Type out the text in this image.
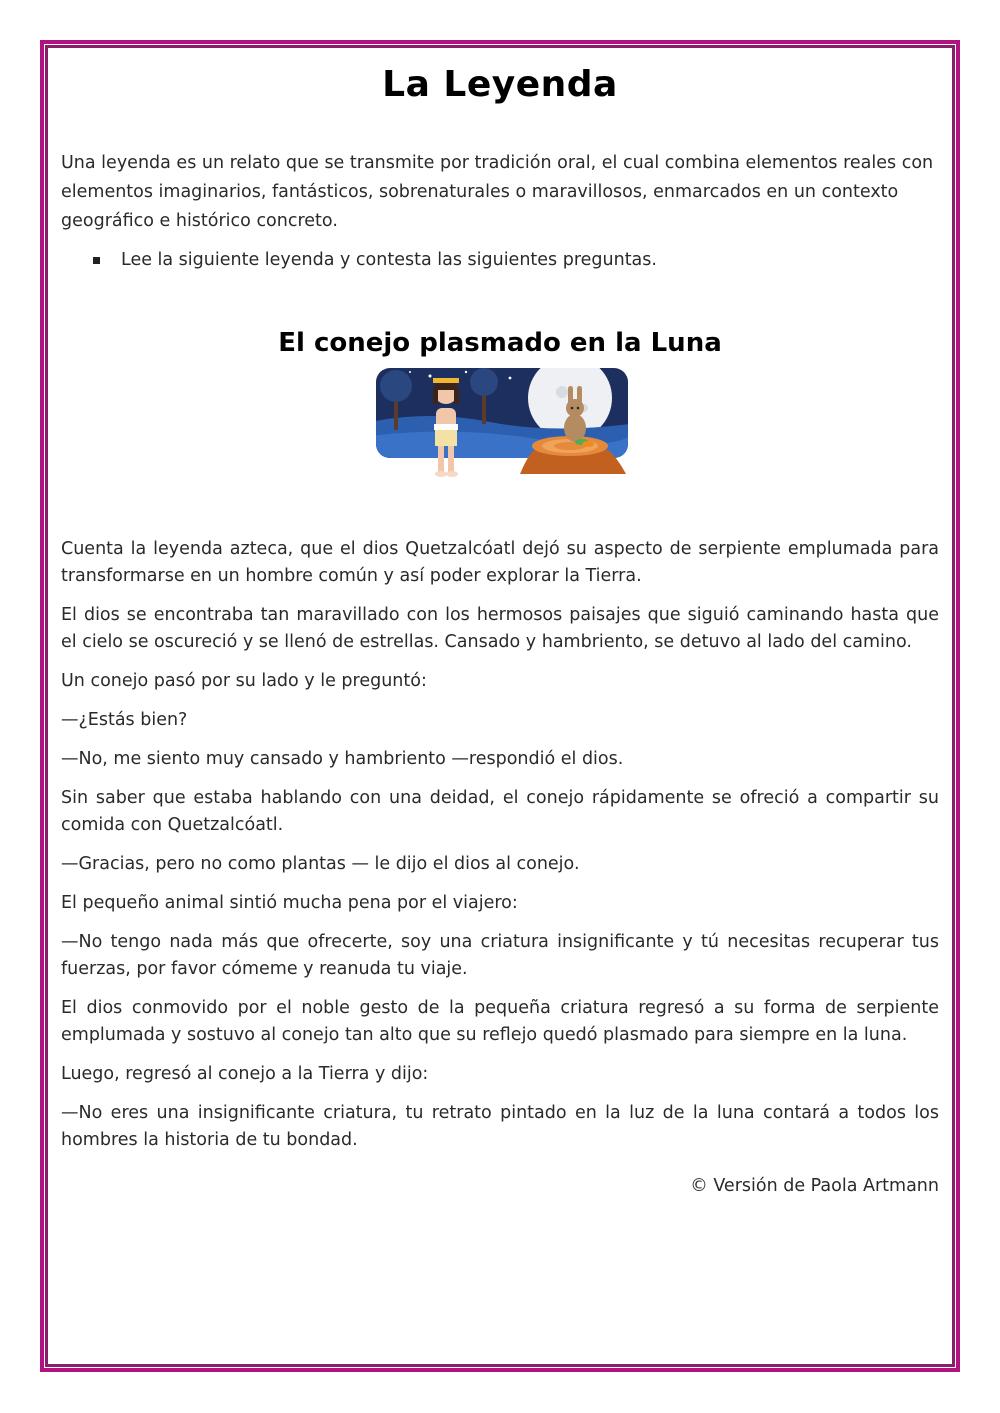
La Leyenda

Una leyenda es un relato que se transmite por tradición oral, el cual combina elementos reales con elementos imaginarios, fantásticos, sobrenaturales o maravillosos, enmarcados en un contexto geográfico e histórico concreto.

Lee la siguiente leyenda y contesta las siguientes preguntas.
El conejo plasmado en la Luna

Cuenta la leyenda azteca, que el dios Quetzalcóatl dejó su aspecto de serpiente emplumada para transformarse en un hombre común y así poder explorar la Tierra.

El dios se encontraba tan maravillado con los hermosos paisajes que siguió caminando hasta que el cielo se oscureció y se llenó de estrellas. Cansado y hambriento, se detuvo al lado del camino.

Un conejo pasó por su lado y le preguntó:

—¿Estás bien?

—No, me siento muy cansado y hambriento —respondió el dios.

Sin saber que estaba hablando con una deidad, el conejo rápidamente se ofreció a compartir su comida con Quetzalcóatl.

—Gracias, pero no como plantas — le dijo el dios al conejo.

El pequeño animal sintió mucha pena por el viajero:

—No tengo nada más que ofrecerte, soy una criatura insignificante y tú necesitas recuperar tus fuerzas, por favor cómeme y reanuda tu viaje.

El dios conmovido por el noble gesto de la pequeña criatura regresó a su forma de serpiente emplumada y sostuvo al conejo tan alto que su reflejo quedó plasmado para siempre en la luna.

Luego, regresó al conejo a la Tierra y dijo:

—No eres una insignificante criatura, tu retrato pintado en la luz de la luna contará a todos los hombres la historia de tu bondad.

© Versión de Paola Artmann
